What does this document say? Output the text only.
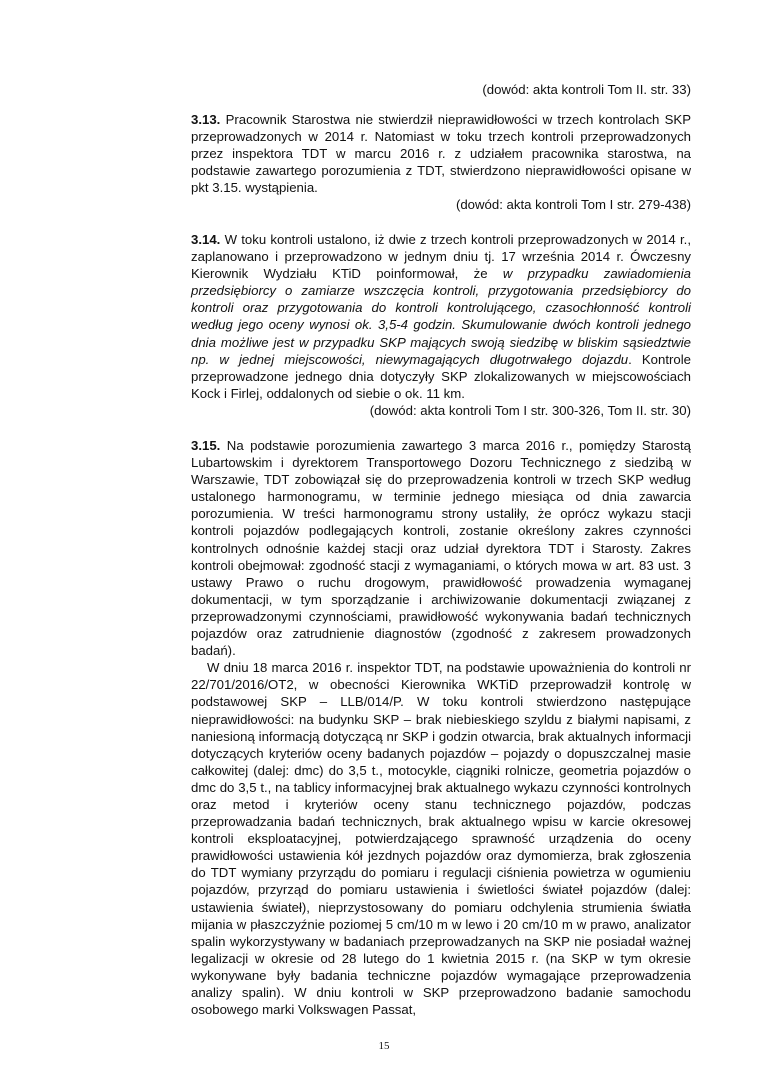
(dowód: akta kontroli Tom II. str. 33)

3.13. Pracownik Starostwa nie stwierdził nieprawidłowości w trzech kontrolach SKP przeprowadzonych w 2014 r. Natomiast w toku trzech kontroli przeprowadzonych przez inspektora TDT w marcu 2016 r. z udziałem pracownika starostwa, na podstawie zawartego porozumienia z TDT, stwierdzono nieprawidłowości opisane w pkt 3.15. wystąpienia.

(dowód: akta kontroli Tom I str. 279-438)

3.14. W toku kontroli ustalono, iż dwie z trzech kontroli przeprowadzonych w 2014 r., zaplanowano i przeprowadzono w jednym dniu tj. 17 września 2014 r. Ówczesny Kierownik Wydziału KTiD poinformował, że w przypadku zawiadomienia przedsiębiorcy o zamiarze wszczęcia kontroli, przygotowania przedsiębiorcy do kontroli oraz przygotowania do kontroli kontrolującego, czasochłonność kontroli według jego oceny wynosi ok. 3,5-4 godzin. Skumulowanie dwóch kontroli jednego dnia możliwe jest w przypadku SKP mających swoją siedzibę w bliskim sąsiedztwie np. w jednej miejscowości, niewymagających długotrwałego dojazdu. Kontrole przeprowadzone jednego dnia dotyczyły SKP zlokalizowanych w miejscowościach Kock i Firlej, oddalonych od siebie o ok. 11 km.

(dowód: akta kontroli Tom I str. 300-326, Tom II. str. 30)

3.15. Na podstawie porozumienia zawartego 3 marca 2016 r., pomiędzy Starostą Lubartowskim i dyrektorem Transportowego Dozoru Technicznego z siedzibą w Warszawie, TDT zobowiązał się do przeprowadzenia kontroli w trzech SKP według ustalonego harmonogramu, w terminie jednego miesiąca od dnia zawarcia porozumienia. W treści harmonogramu strony ustaliły, że oprócz wykazu stacji kontroli pojazdów podlegających kontroli, zostanie określony zakres czynności kontrolnych odnośnie każdej stacji oraz udział dyrektora TDT i Starosty. Zakres kontroli obejmował: zgodność stacji z wymaganiami, o których mowa w art. 83 ust. 3 ustawy Prawo o ruchu drogowym, prawidłowość prowadzenia wymaganej dokumentacji, w tym sporządzanie i archiwizowanie dokumentacji związanej z przeprowadzonymi czynnościami, prawidłowość wykonywania badań technicznych pojazdów oraz zatrudnienie diagnostów (zgodność z zakresem prowadzonych badań).

W dniu 18 marca 2016 r. inspektor TDT, na podstawie upoważnienia do kontroli nr 22/701/2016/OT2, w obecności Kierownika WKTiD przeprowadził kontrolę w podstawowej SKP – LLB/014/P. W toku kontroli stwierdzono następujące nieprawidłowości: na budynku SKP – brak niebieskiego szyldu z białymi napisami, z naniesioną informacją dotyczącą nr SKP i godzin otwarcia, brak aktualnych informacji dotyczących kryteriów oceny badanych pojazdów – pojazdy o dopuszczalnej masie całkowitej (dalej: dmc) do 3,5 t., motocykle, ciągniki rolnicze, geometria pojazdów o dmc do 3,5 t., na tablicy informacyjnej brak aktualnego wykazu czynności kontrolnych oraz metod i kryteriów oceny stanu technicznego pojazdów, podczas przeprowadzania badań technicznych, brak aktualnego wpisu w karcie okresowej kontroli eksploatacyjnej, potwierdzającego sprawność urządzenia do oceny prawidłowości ustawienia kół jezdnych pojazdów oraz dymomierza, brak zgłoszenia do TDT wymiany przyrządu do pomiaru i regulacji ciśnienia powietrza w ogumieniu pojazdów, przyrząd do pomiaru ustawienia i świetlości świateł pojazdów (dalej: ustawienia świateł), nieprzystosowany do pomiaru odchylenia strumienia światła mijania w płaszczyźnie poziomej 5 cm/10 m w lewo i 20 cm/10 m w prawo, analizator spalin wykorzystywany w badaniach przeprowadzanych na SKP nie posiadał ważnej legalizacji w okresie od 28 lutego do 1 kwietnia 2015 r. (na SKP w tym okresie wykonywane były badania techniczne pojazdów wymagające przeprowadzenia analizy spalin). W dniu kontroli w SKP przeprowadzono badanie samochodu osobowego marki Volkswagen Passat,

15
